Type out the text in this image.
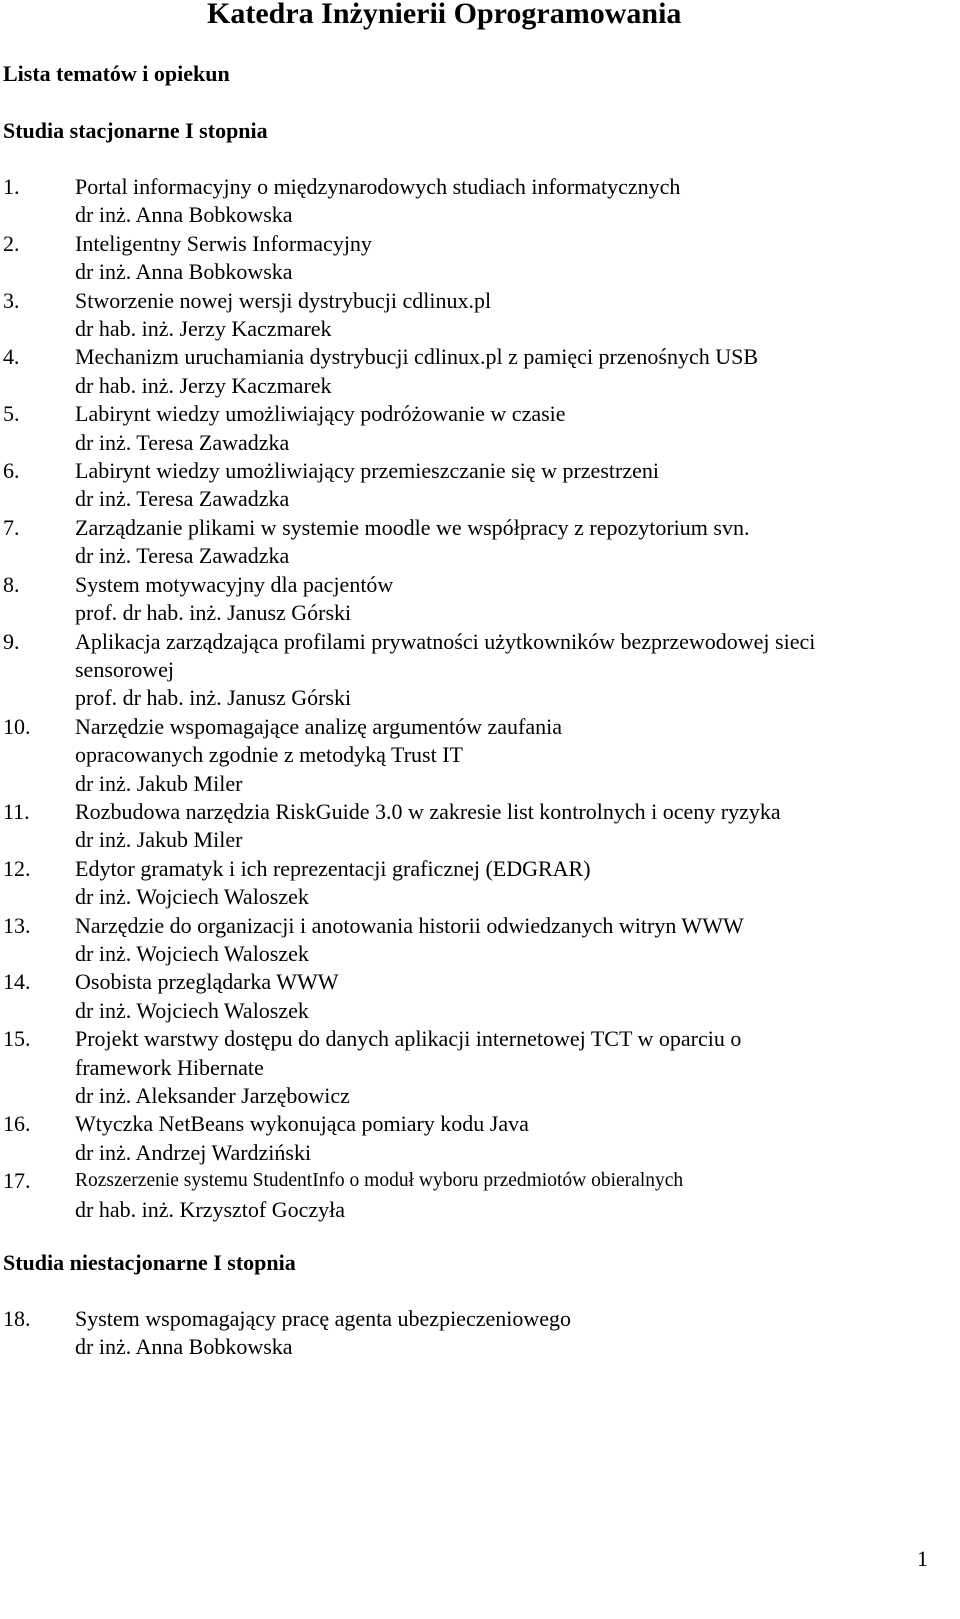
Katedra Inżynierii Oprogramowania
Lista tematów i opiekun
Studia stacjonarne I stopnia
1.	Portal informacyjny o międzynarodowych studiach informatycznych
dr inż. Anna Bobkowska
2.	Inteligentny Serwis Informacyjny
dr inż. Anna Bobkowska
3.	Stworzenie nowej wersji dystrybucji cdlinux.pl
dr hab. inż. Jerzy Kaczmarek
4.	Mechanizm uruchamiania dystrybucji cdlinux.pl z pamięci przenośnych USB
dr hab. inż. Jerzy Kaczmarek
5.	Labirynt wiedzy umożliwiający podróżowanie w czasie
dr inż. Teresa Zawadzka
6.	Labirynt wiedzy umożliwiający przemieszczanie się w przestrzeni
dr inż. Teresa Zawadzka
7.	Zarządzanie plikami w systemie moodle we współpracy z repozytorium svn.
dr inż. Teresa Zawadzka
8.	System motywacyjny dla pacjentów
prof. dr hab. inż. Janusz Górski
9.	Aplikacja zarządzająca profilami prywatności użytkowników bezprzewodowej sieci
sensorowej
prof. dr hab. inż. Janusz Górski
10. Narzędzie wspomagające analizę argumentów zaufania
opracowanych zgodnie z metodyką Trust IT
dr inż. Jakub Miler
11. Rozbudowa narzędzia RiskGuide 3.0 w zakresie list kontrolnych i oceny ryzyka
dr inż. Jakub Miler
12. Edytor gramatyk i ich reprezentacji graficznej (EDGRAR)
dr inż. Wojciech Waloszek
13. Narzędzie do organizacji i anotowania historii odwiedzanych witryn WWW
dr inż. Wojciech Waloszek
14. Osobista przeglądarka WWW
dr inż. Wojciech Waloszek
15. Projekt warstwy dostępu do danych aplikacji internetowej TCT w oparciu o
framework Hibernate
dr inż. Aleksander Jarzębowicz
16. Wtyczka NetBeans wykonująca pomiary kodu Java
dr inż. Andrzej Wardziński
17. Rozszerzenie systemu StudentInfo o moduł wyboru przedmiotów obieralnych
dr hab. inż. Krzysztof Goczyła
Studia niestacjonarne I stopnia
18. System wspomagający pracę agenta ubezpieczeniowego
dr inż. Anna Bobkowska
1
